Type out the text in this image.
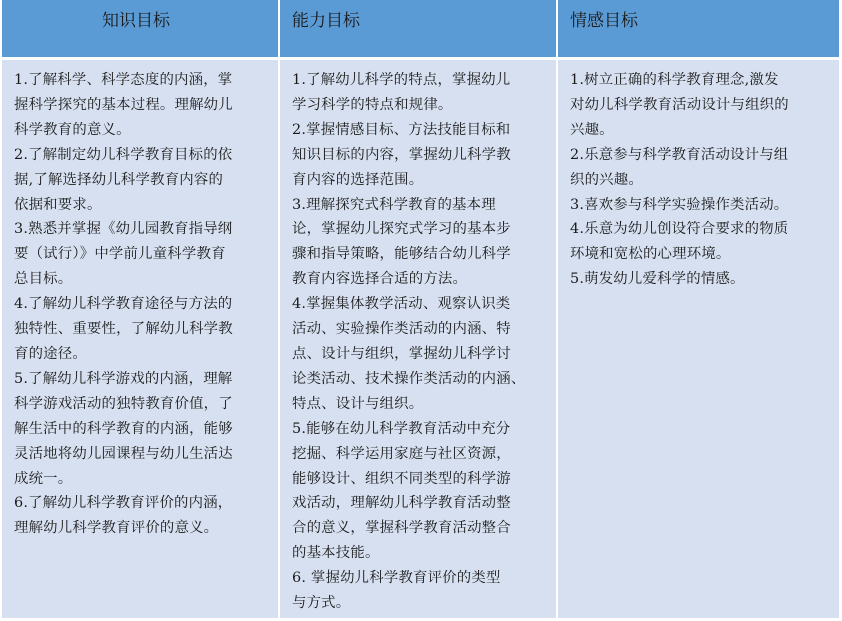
知识目标	能力目标	情感目标

1.了解科学、科学态度的内涵，掌
握科学探究的基本过程。理解幼儿
科学教育的意义。

2.了解制定幼儿科学教育目标的依
据,了解选择幼儿科学教育内容的
依据和要求。

3.熟悉并掌握《幼儿园教育指导纲
要（试行）》中学前儿童科学教育
总目标。

4.了解幼儿科学教育途径与方法的
独特性、重要性，了解幼儿科学教
育的途径。

5.了解幼儿科学游戏的内涵，理解
科学游戏活动的独特教育价值，了
解生活中的科学教育的内涵，能够
灵活地将幼儿园课程与幼儿生活达
成统一。

6.了解幼儿科学教育评价的内涵，
理解幼儿科学教育评价的意义。

1.了解幼儿科学的特点，掌握幼儿
学习科学的特点和规律。

2.掌握情感目标、方法技能目标和
知识目标的内容，掌握幼儿科学教
育内容的选择范围。

3.理解探究式科学教育的基本理
论，掌握幼儿探究式学习的基本步
骤和指导策略，能够结合幼儿科学
教育内容选择合适的方法。

4.掌握集体教学活动、观察认识类
活动、实验操作类活动的内涵、特
点、设计与组织，掌握幼儿科学讨
论类活动、技术操作类活动的内涵、
特点、设计与组织。

5.能够在幼儿科学教育活动中充分
挖掘、科学运用家庭与社区资源，
能够设计、组织不同类型的科学游
戏活动，理解幼儿科学教育活动整
合的意义，掌握科学教育活动整合
的基本技能。

6. 掌握幼儿科学教育评价的类型
与方式。

1.树立正确的科学教育理念,激发
对幼儿科学教育活动设计与组织的
兴趣。

2.乐意参与科学教育活动设计与组
织的兴趣。

3.喜欢参与科学实验操作类活动。

4.乐意为幼儿创设符合要求的物质
环境和宽松的心理环境。

5.萌发幼儿爱科学的情感。
